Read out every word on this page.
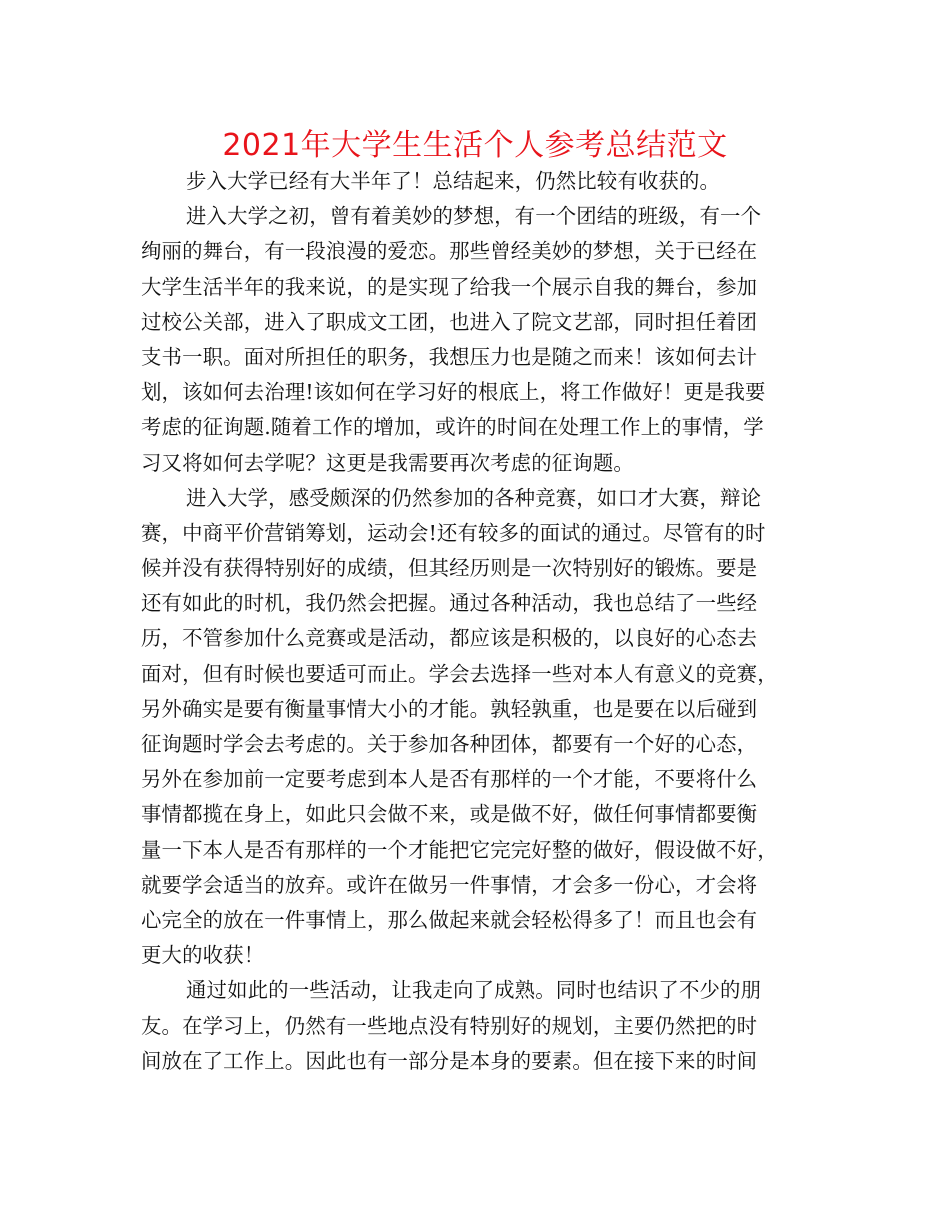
2021年大学生生活个人参考总结范文
步入大学已经有大半年了！总结起来，仍然比较有收获的。
进入大学之初，曾有着美妙的梦想，有一个团结的班级，有一个
绚丽的舞台，有一段浪漫的爱恋。那些曾经美妙的梦想，关于已经在
大学生活半年的我来说，的是实现了给我一个展示自我的舞台，参加
过校公关部，进入了职成文工团，也进入了院文艺部，同时担任着团
支书一职。面对所担任的职务，我想压力也是随之而来！该如何去计
划，该如何去治理!该如何在学习好的根底上，将工作做好！更是我要
考虑的征询题.随着工作的增加，或许的时间在处理工作上的事情，学
习又将如何去学呢？这更是我需要再次考虑的征询题。
进入大学，感受颇深的仍然参加的各种竞赛，如口才大赛，辩论
赛，中商平价营销筹划，运动会!还有较多的面试的通过。尽管有的时
候并没有获得特别好的成绩，但其经历则是一次特别好的锻炼。要是
还有如此的时机，我仍然会把握。通过各种活动，我也总结了一些经
历，不管参加什么竞赛或是活动，都应该是积极的，以良好的心态去
面对，但有时候也要适可而止。学会去选择一些对本人有意义的竞赛，
另外确实是要有衡量事情大小的才能。孰轻孰重，也是要在以后碰到
征询题时学会去考虑的。关于参加各种团体，都要有一个好的心态，
另外在参加前一定要考虑到本人是否有那样的一个才能，不要将什么
事情都揽在身上，如此只会做不来，或是做不好，做任何事情都要衡
量一下本人是否有那样的一个才能把它完完好整的做好，假设做不好，
就要学会适当的放弃。或许在做另一件事情，才会多一份心，才会将
心完全的放在一件事情上，那么做起来就会轻松得多了！而且也会有
更大的收获！
通过如此的一些活动，让我走向了成熟。同时也结识了不少的朋
友。在学习上，仍然有一些地点没有特别好的规划，主要仍然把的时
间放在了工作上。因此也有一部分是本身的要素。但在接下来的时间
